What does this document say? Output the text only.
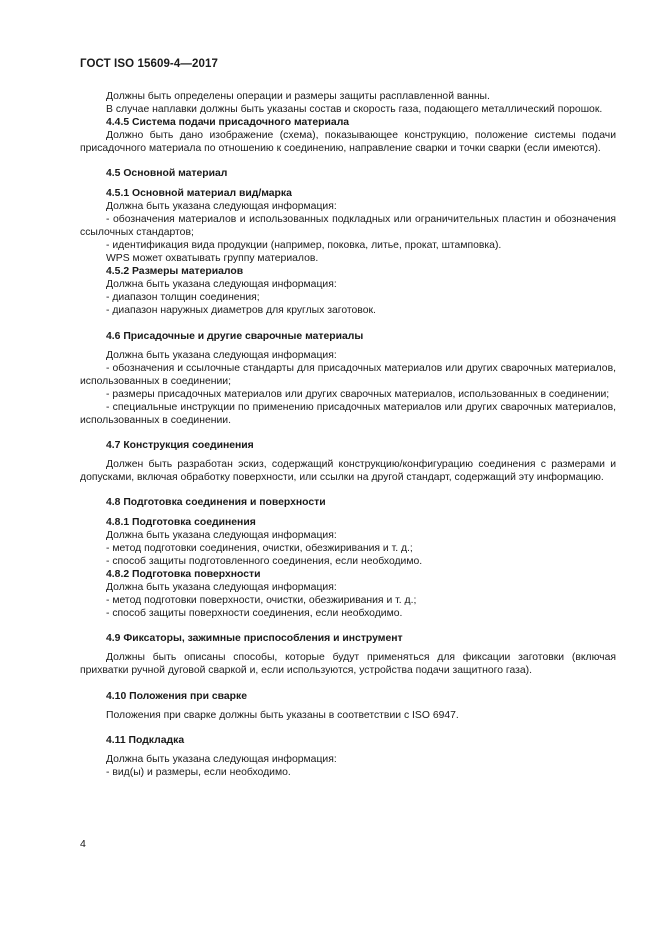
ГОСТ ISO 15609-4—2017

Должны быть определены операции и размеры защиты расплавленной ванны.

В случае наплавки должны быть указаны состав и скорость газа, подающего металлический порошок.

4.4.5 Система подачи присадочного материала

Должно быть дано изображение (схема), показывающее конструкцию, положение системы подачи присадочного материала по отношению к соединению, направление сварки и точки сварки (если имеются).

4.5 Основной материал

4.5.1 Основной материал вид/марка

Должна быть указана следующая информация:

- обозначения материалов и использованных подкладных или ограничительных пластин и обозначения ссылочных стандартов;

- идентификация вида продукции (например, поковка, литье, прокат, штамповка).

WPS может охватывать группу материалов.

4.5.2 Размеры материалов

Должна быть указана следующая информация:

- диапазон толщин соединения;

- диапазон наружных диаметров для круглых заготовок.

4.6 Присадочные и другие сварочные материалы

Должна быть указана следующая информация:

- обозначения и ссылочные стандарты для присадочных материалов или других сварочных материалов, использованных в соединении;

- размеры присадочных материалов или других сварочных материалов, использованных в соединении;

- специальные инструкции по применению присадочных материалов или других сварочных материалов, использованных в соединении.

4.7 Конструкция соединения

Должен быть разработан эскиз, содержащий конструкцию/конфигурацию соединения с размерами и допусками, включая обработку поверхности, или ссылки на другой стандарт, содержащий эту информацию.

4.8 Подготовка соединения и поверхности

4.8.1 Подготовка соединения

Должна быть указана следующая информация:

- метод подготовки соединения, очистки, обезжиривания и т. д.;

- способ защиты подготовленного соединения, если необходимо.

4.8.2 Подготовка поверхности

Должна быть указана следующая информация:

- метод подготовки поверхности, очистки, обезжиривания и т. д.;

- способ защиты поверхности соединения, если необходимо.

4.9 Фиксаторы, зажимные приспособления и инструмент

Должны быть описаны способы, которые будут применяться для фиксации заготовки (включая прихватки ручной дуговой сваркой и, если используются, устройства подачи защитного газа).

4.10 Положения при сварке

Положения при сварке должны быть указаны в соответствии с ISO 6947.

4.11 Подкладка

Должна быть указана следующая информация:

- вид(ы) и размеры, если необходимо.

4
